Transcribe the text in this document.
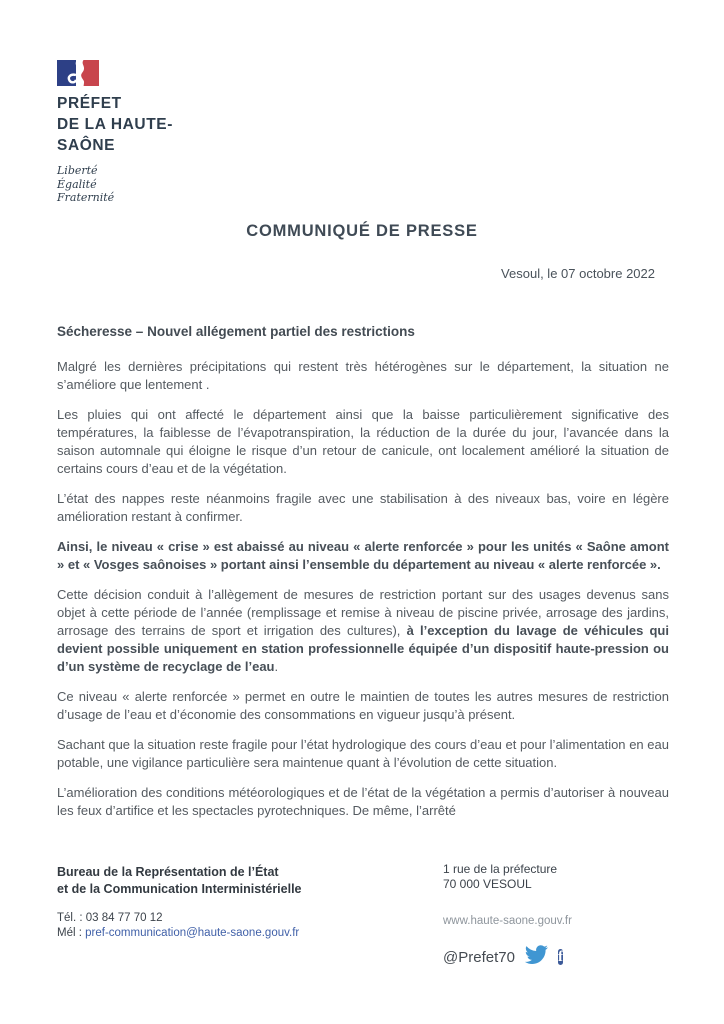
PRÉFET
DE LA HAUTE-
SAÔNE
Liberté
Égalité
Fraternité
COMMUNIQUÉ DE PRESSE
Vesoul, le 07 octobre 2022
Sécheresse – Nouvel allégement partiel des restrictions

Malgré les dernières précipitations qui restent très hétérogènes sur le département, la situation ne s’améliore que lentement .

Les pluies qui ont affecté le département ainsi que la baisse particulièrement significative des températures, la faiblesse de l’évapotranspiration, la réduction de la durée du jour, l’avancée dans la saison automnale qui éloigne le risque d’un retour de canicule, ont localement amélioré la situation de certains cours d’eau et de la végétation.

L’état des nappes reste néanmoins fragile avec une stabilisation à des niveaux bas, voire en légère amélioration restant à confirmer.

Ainsi, le niveau « crise » est abaissé au niveau « alerte renforcée » pour les unités « Saône amont » et « Vosges saônoises » portant ainsi l’ensemble du département au niveau « alerte renforcée ».

Cette décision conduit à l’allègement de mesures de restriction portant sur des usages devenus sans objet à cette période de l’année (remplissage et remise à niveau de piscine privée, arrosage des jardins, arrosage des terrains de sport et irrigation des cultures), à l’exception du lavage de véhicules qui devient possible uniquement en station professionnelle équipée d’un dispositif haute-pression ou d’un système de recyclage de l’eau.

Ce niveau « alerte renforcée » permet en outre le maintien de toutes les autres mesures de restriction d’usage de l’eau et d’économie des consommations en vigueur jusqu’à présent.

Sachant que la situation reste fragile pour l’état hydrologique des cours d’eau et pour l’alimentation en eau potable, une vigilance particulière sera maintenue quant à l’évolution de cette situation.

L’amélioration des conditions météorologiques et de l’état de la végétation a permis d’autoriser à nouveau les feux d’artifice et les spectacles pyrotechniques. De même, l’arrêté

Bureau de la Représentation de l’État
et de la Communication Interministérielle
Tél. : 03 84 77 70 12
Mél : pref-communication@haute-saone.gouv.fr
1 rue de la préfecture
70 000 VESOUL
www.haute-saone.gouv.fr
@Prefet70	f
